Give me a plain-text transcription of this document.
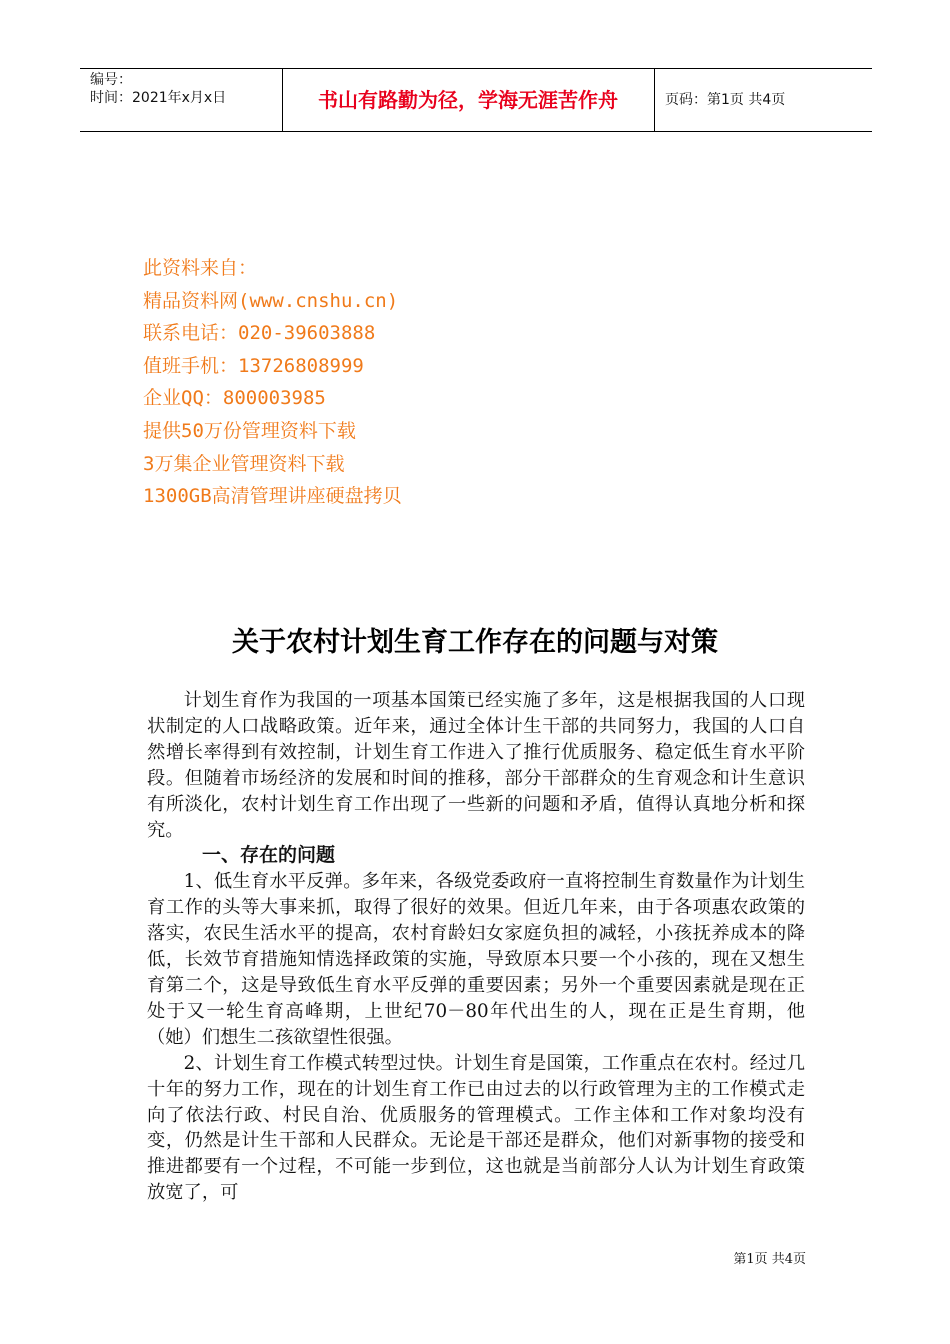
编号：
时间：2021年x月x日	书山有路勤为径，学海无涯苦作舟	页码：第1页 共4页
此资料来自：
精品资料网(www.cnshu.cn)
联系电话：020-39603888
值班手机：13726808999
企业QQ：800003985
提供50万份管理资料下载
3万集企业管理资料下载
1300GB高清管理讲座硬盘拷贝
关于农村计划生育工作存在的问题与对策

计划生育作为我国的一项基本国策已经实施了多年，这是根据我国的人口现状制定的人口战略政策。近年来，通过全体计生干部的共同努力，我国的人口自然增长率得到有效控制，计划生育工作进入了推行优质服务、稳定低生育水平阶段。但随着市场经济的发展和时间的推移，部分干部群众的生育观念和计生意识有所淡化，农村计划生育工作出现了一些新的问题和矛盾，值得认真地分析和探究。

一、存在的问题

1、低生育水平反弹。多年来，各级党委政府一直将控制生育数量作为计划生育工作的头等大事来抓，取得了很好的效果。但近几年来，由于各项惠农政策的落实，农民生活水平的提高，农村育龄妇女家庭负担的减轻，小孩抚养成本的降低，长效节育措施知情选择政策的实施，导致原本只要一个小孩的，现在又想生育第二个，这是导致低生育水平反弹的重要因素；另外一个重要因素就是现在正处于又一轮生育高峰期，上世纪70－80年代出生的人，现在正是生育期，他（她）们想生二孩欲望性很强。

2、计划生育工作模式转型过快。计划生育是国策，工作重点在农村。经过几十年的努力工作，现在的计划生育工作已由过去的以行政管理为主的工作模式走向了依法行政、村民自治、优质服务的管理模式。工作主体和工作对象均没有变，仍然是计生干部和人民群众。无论是干部还是群众，他们对新事物的接受和推进都要有一个过程，不可能一步到位，这也就是当前部分人认为计划生育政策放宽了，可

第1页 共4页
